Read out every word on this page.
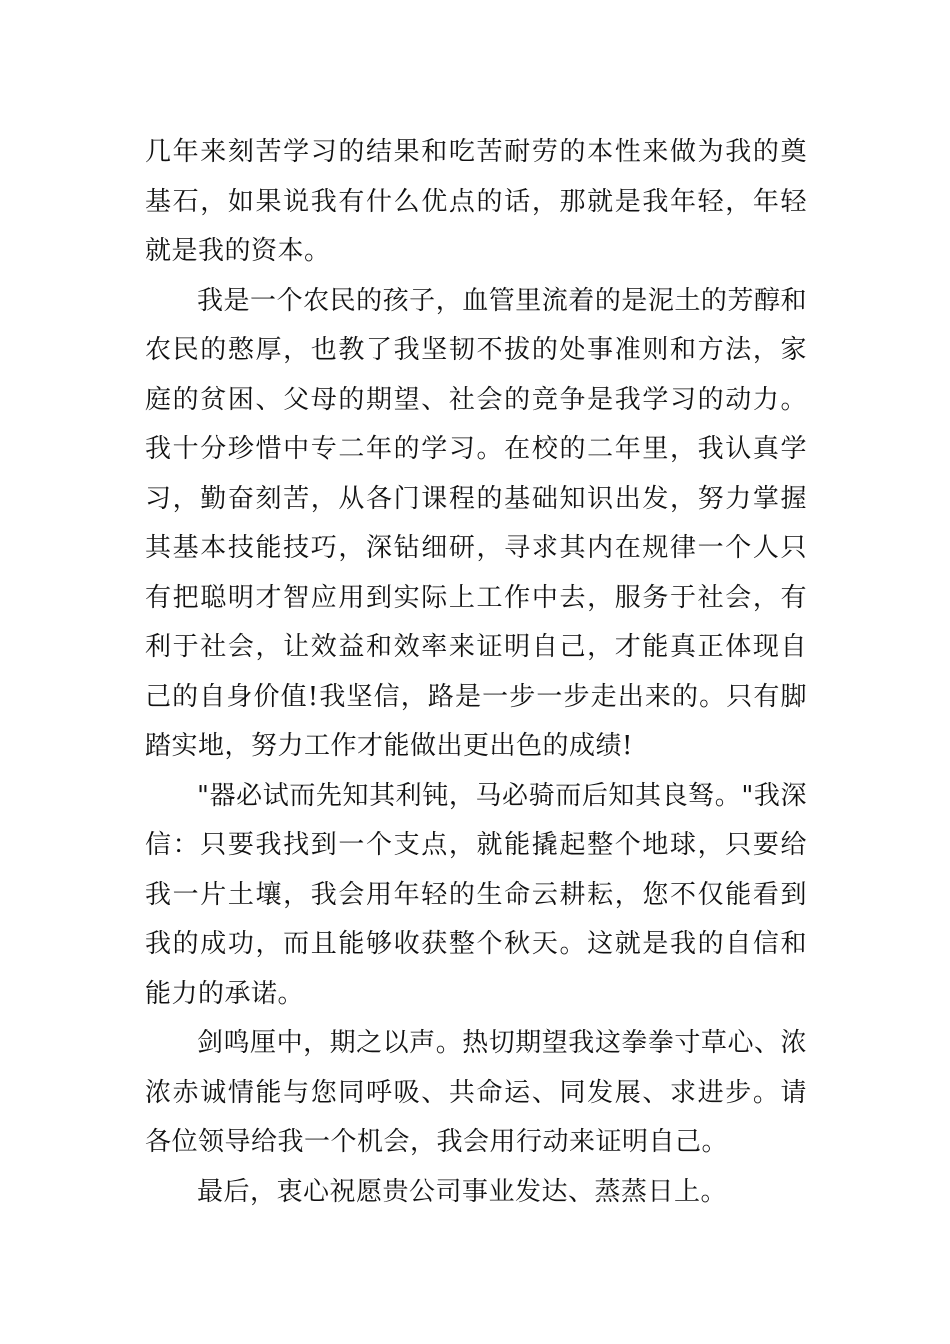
几年来刻苦学习的结果和吃苦耐劳的本性来做为我的奠基石，如果说我有什么优点的话，那就是我年轻，年轻就是我的资本。

我是一个农民的孩子，血管里流着的是泥土的芳醇和农民的憨厚，也教了我坚韧不拔的处事准则和方法，家庭的贫困、父母的期望、社会的竞争是我学习的动力。我十分珍惜中专二年的学习。在校的二年里，我认真学习，勤奋刻苦，从各门课程的基础知识出发，努力掌握其基本技能技巧，深钻细研，寻求其内在规律一个人只有把聪明才智应用到实际上工作中去，服务于社会，有利于社会，让效益和效率来证明自己，才能真正体现自己的自身价值!我坚信，路是一步一步走出来的。只有脚踏实地，努力工作才能做出更出色的成绩!

"器必试而先知其利钝，马必骑而后知其良驽。"我深信：只要我找到一个支点，就能撬起整个地球，只要给我一片土壤，我会用年轻的生命云耕耘，您不仅能看到我的成功，而且能够收获整个秋天。这就是我的自信和能力的承诺。

剑鸣厘中，期之以声。热切期望我这拳拳寸草心、浓浓赤诚情能与您同呼吸、共命运、同发展、求进步。请各位领导给我一个机会，我会用行动来证明自己。

最后，衷心祝愿贵公司事业发达、蒸蒸日上。
